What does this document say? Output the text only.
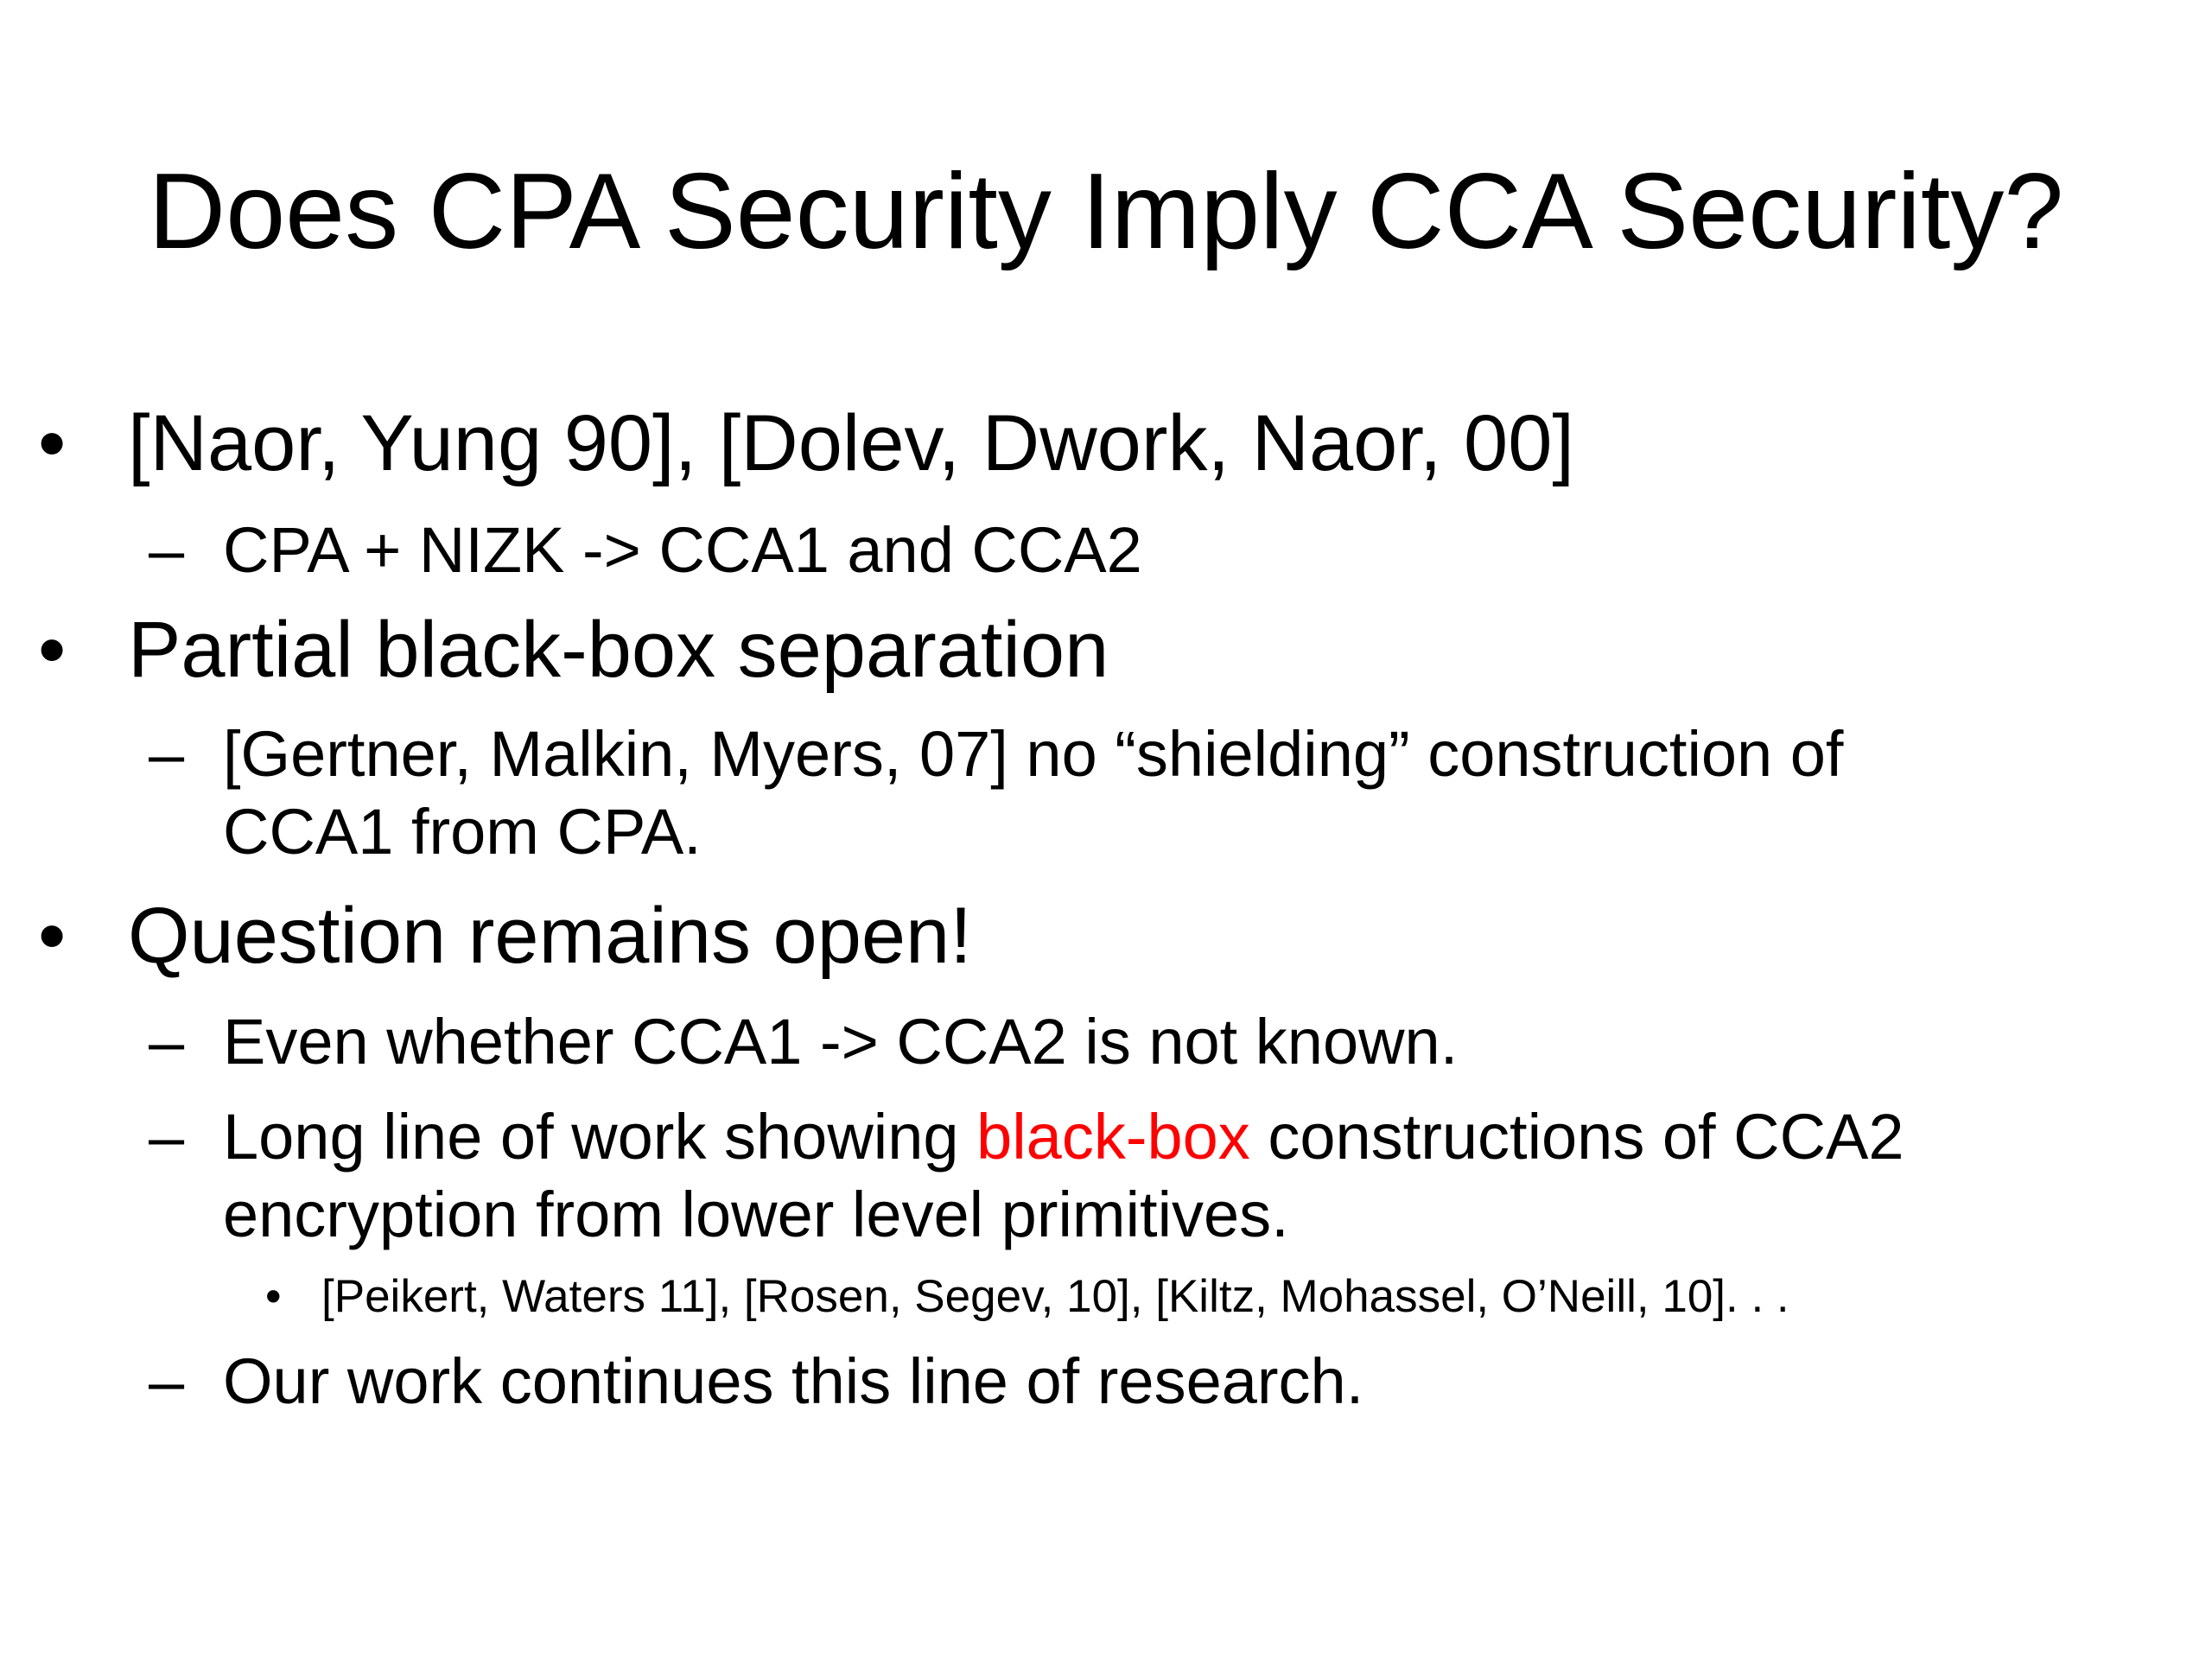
Does CPA Security Imply CCA Security?
• [Naor, Yung 90], [Dolev, Dwork, Naor, 00]
– CPA + NIZK -> CCA1 and CCA2
• Partial black-box separation
– [Gertner, Malkin, Myers, 07] no “shielding” construction of
CCA1 from CPA.
• Question remains open!
– Even whether CCA1 -> CCA2 is not known.
– Long line of work showing black-box constructions of CCA2
encryption from lower level primitives.
• [Peikert, Waters 11], [Rosen, Segev, 10], [Kiltz, Mohassel, O’Neill, 10]. . .
– Our work continues this line of research.
